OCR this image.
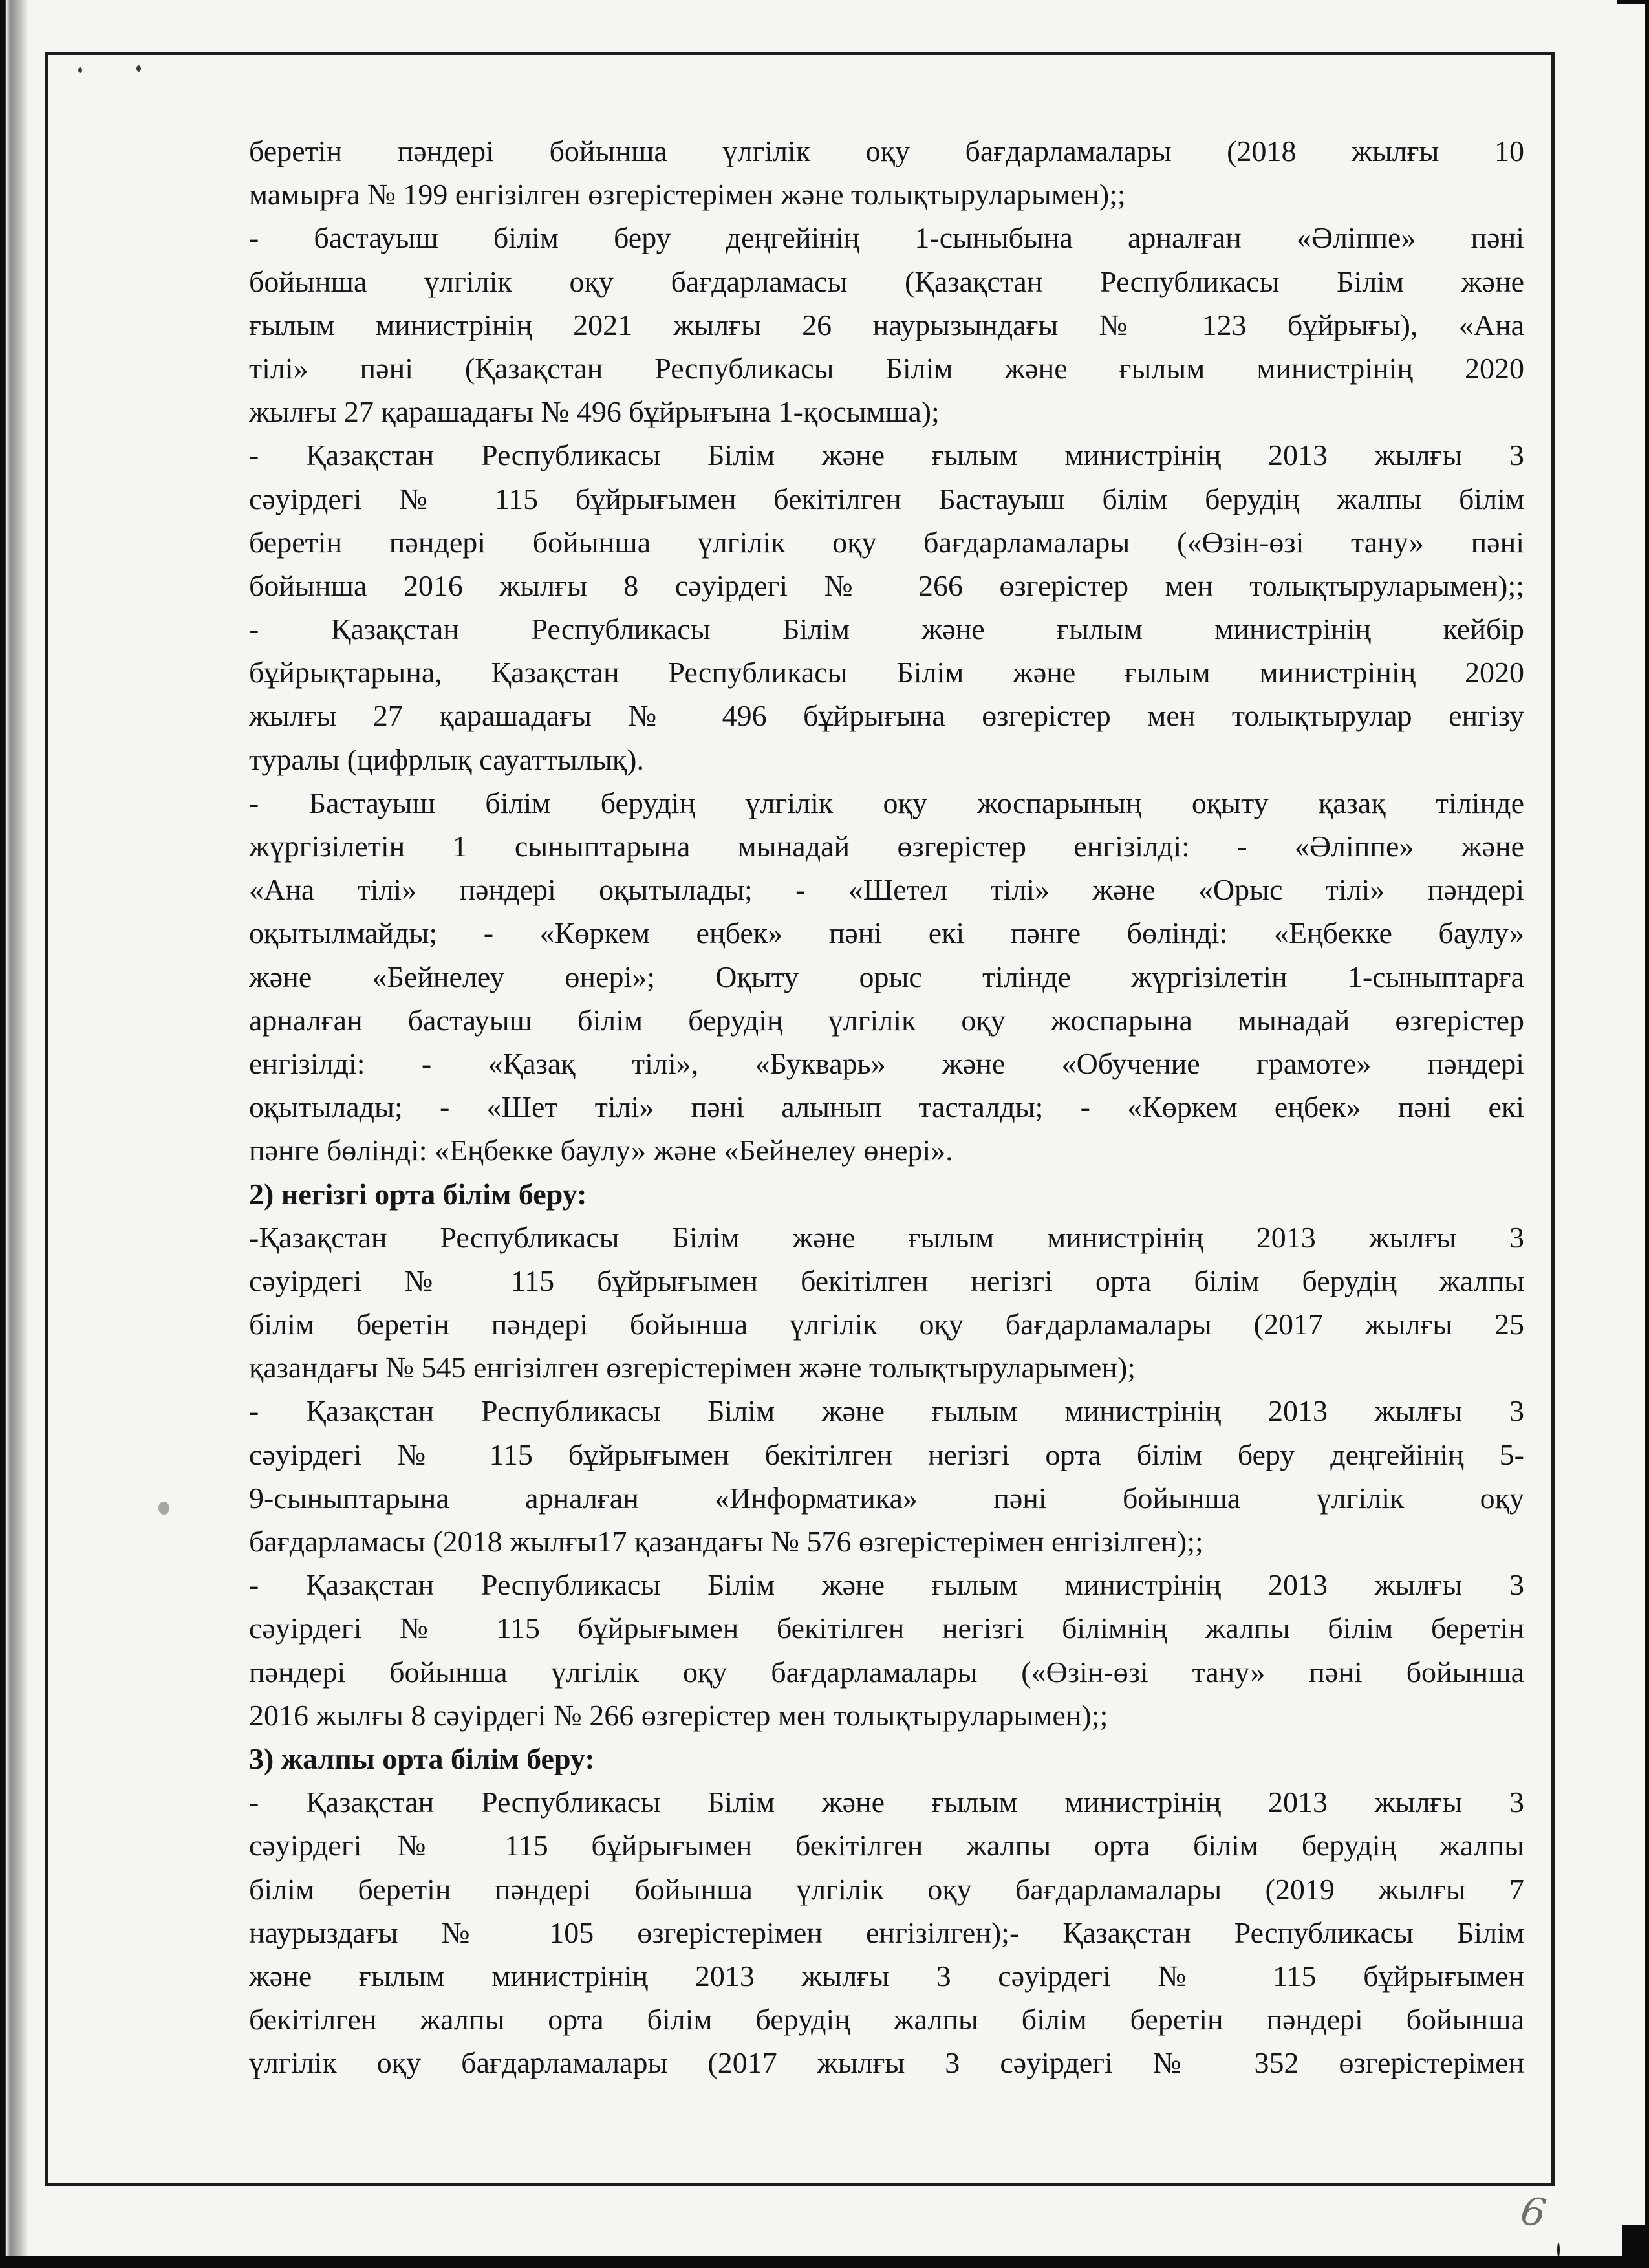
беретін пәндері бойынша үлгілік оқу бағдарламалары (2018 жылғы 10
мамырға № 199 енгізілген өзгерістерімен және толықтыруларымен);;
- бастауыш білім беру деңгейінің 1-сыныбына арналған «Әліппе» пәні
бойынша үлгілік оқу бағдарламасы (Қазақстан Республикасы Білім және
ғылым министрінің 2021 жылғы 26 наурызындағы № 123 бұйрығы), «Ана
тілі» пәні (Қазақстан Республикасы Білім және ғылым министрінің 2020
жылғы 27 қарашадағы № 496 бұйрығына 1-қосымша);
- Қазақстан Республикасы Білім және ғылым министрінің 2013 жылғы 3
сәуірдегі № 115 бұйрығымен бекітілген Бастауыш білім берудің жалпы білім
беретін пәндері бойынша үлгілік оқу бағдарламалары («Өзін-өзі тану» пәні
бойынша 2016 жылғы 8 сәуірдегі № 266 өзгерістер мен толықтыруларымен);;
- Қазақстан Республикасы Білім және ғылым министрінің кейбір
бұйрықтарына, Қазақстан Республикасы Білім және ғылым министрінің 2020
жылғы 27 қарашадағы № 496 бұйрығына өзгерістер мен толықтырулар енгізу
туралы (цифрлық сауаттылық).
- Бастауыш білім берудің үлгілік оқу жоспарының оқыту қазақ тілінде
жүргізілетін 1 сыныптарына мынадай өзгерістер енгізілді: - «Әліппе» және
«Ана тілі» пәндері оқытылады; - «Шетел тілі» және «Орыс тілі» пәндері
оқытылмайды; - «Көркем еңбек» пәні екі пәнге бөлінді: «Еңбекке баулу»
және «Бейнелеу өнері»; Оқыту орыс тілінде жүргізілетін 1-сыныптарға
арналған бастауыш білім берудің үлгілік оқу жоспарына мынадай өзгерістер
енгізілді: - «Қазақ тілі», «Букварь» және «Обучение грамоте» пәндері
оқытылады; - «Шет тілі» пәні алынып тасталды; - «Көркем еңбек» пәні екі
пәнге бөлінді: «Еңбекке баулу» және «Бейнелеу өнері».
2) негізгі орта білім беру:
-Қазақстан Республикасы Білім және ғылым министрінің 2013 жылғы 3
сәуірдегі № 115 бұйрығымен бекітілген негізгі орта білім берудің жалпы
білім беретін пәндері бойынша үлгілік оқу бағдарламалары (2017 жылғы 25
қазандағы № 545 енгізілген өзгерістерімен және толықтыруларымен);
- Қазақстан Республикасы Білім және ғылым министрінің 2013 жылғы 3
сәуірдегі № 115 бұйрығымен бекітілген негізгі орта білім беру деңгейінің 5-
9-сыныптарына арналған «Информатика» пәні бойынша үлгілік оқу
бағдарламасы (2018 жылғы17 қазандағы № 576 өзгерістерімен енгізілген);;
- Қазақстан Республикасы Білім және ғылым министрінің 2013 жылғы 3
сәуірдегі № 115 бұйрығымен бекітілген негізгі білімнің жалпы білім беретін
пәндері бойынша үлгілік оқу бағдарламалары («Өзін-өзі тану» пәні бойынша
2016 жылғы 8 сәуірдегі № 266 өзгерістер мен толықтыруларымен);;
3) жалпы орта білім беру:
- Қазақстан Республикасы Білім және ғылым министрінің 2013 жылғы 3
сәуірдегі№ 115 бұйрығымен бекітілген жалпы орта білім берудің жалпы
білім беретін пәндері бойынша үлгілік оқу бағдарламалары (2019 жылғы 7
наурыздағы № 105 өзгерістерімен енгізілген);- Қазақстан Республикасы Білім
және ғылым министрінің 2013 жылғы 3 сәуірдегі № 115 бұйрығымен
бекітілген жалпы орта білім берудің жалпы білім беретін пәндері бойынша
үлгілік оқу бағдарламалары (2017 жылғы 3 сәуірдегі № 352 өзгерістерімен
6
